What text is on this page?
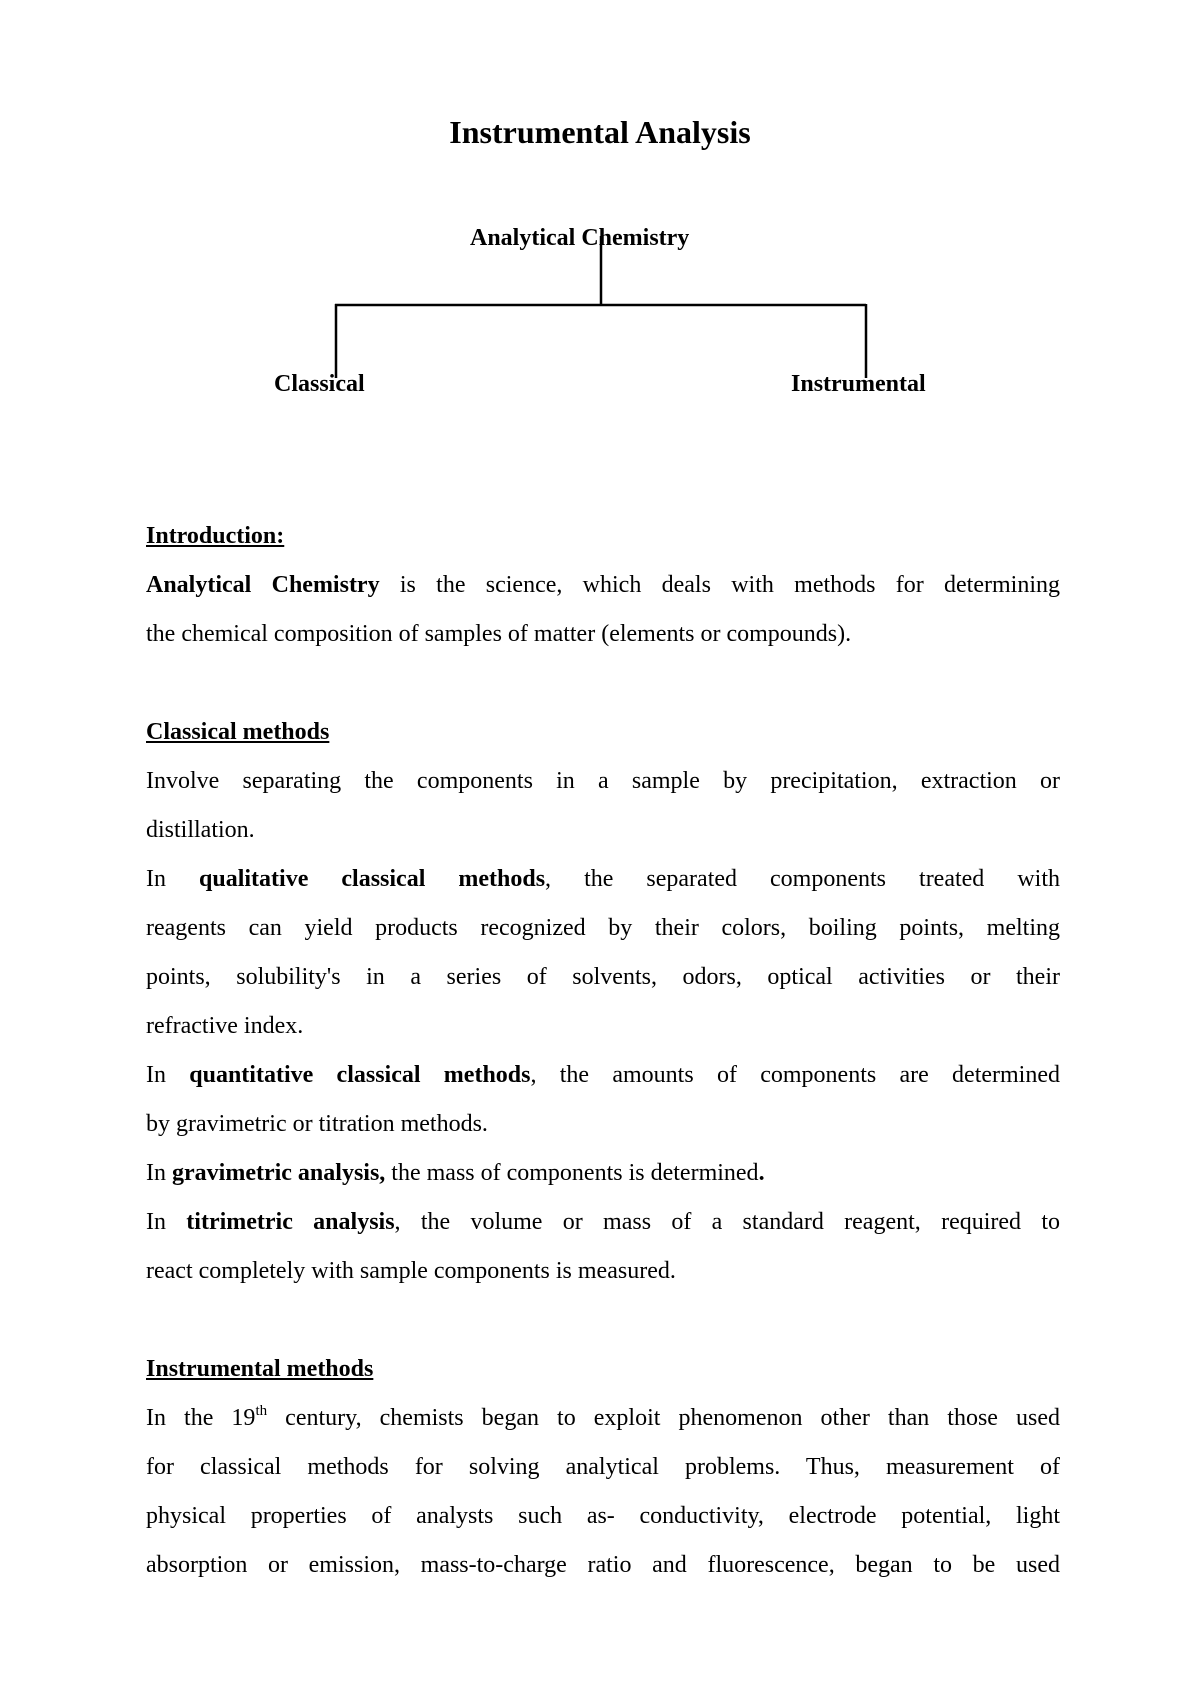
Instrumental Analysis
Analytical Chemistry
Classical	Instrumental
Introduction:
Analytical Chemistry is the science, which deals with methods for determining
the chemical composition of samples of matter (elements or compounds).
Classical methods
Involve separating the components in a sample by precipitation, extraction or
distillation.
In qualitative classical methods, the separated components treated with
reagents can yield products recognized by their colors, boiling points, melting
points, solubility's in a series of solvents, odors, optical activities or their
refractive index.
In quantitative classical methods, the amounts of components are determined
by gravimetric or titration methods.
In gravimetric analysis, the mass of components is determined.
In titrimetric analysis, the volume or mass of a standard reagent, required to
react completely with sample components is measured.
Instrumental methods
In the 19th century, chemists began to exploit phenomenon other than those used
for classical methods for solving analytical problems. Thus, measurement of
physical properties of analysts such as- conductivity, electrode potential, light
absorption or emission, mass-to-charge ratio and fluorescence, began to be used
